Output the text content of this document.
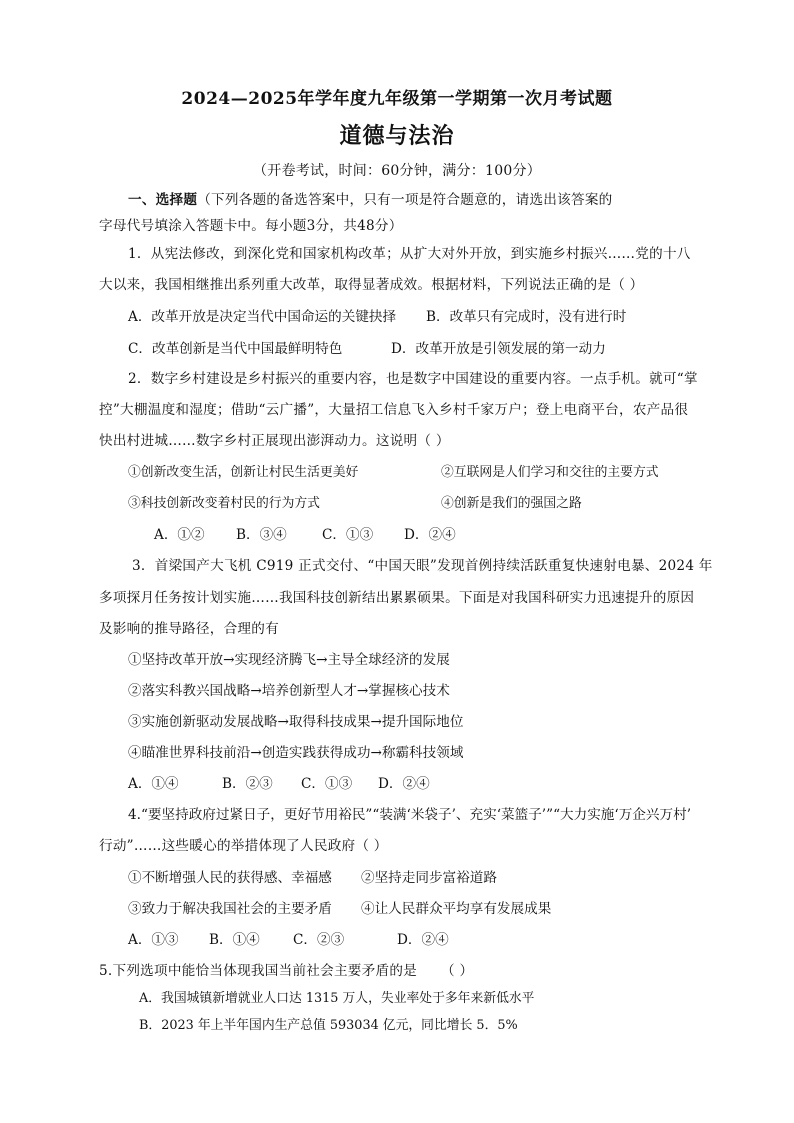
2024—2025年学年度九年级第一学期第一次月考试题
道德与法治
（开卷考试，时间：60分钟，满分：100分）
一、选择题（下列各题的备选答案中，只有一项是符合题意的，请选出该答案的
字母代号填涂入答题卡中。每小题3分，共48分）
1．从宪法修改，到深化党和国家机构改革；从扩大对外开放，到实施乡村振兴……党的十八
大以来，我国相继推出系列重大改革，取得显著成效。根据材料，下列说法正确的是（ ）
A．改革开放是决定当代中国命运的关键抉择 B．改革只有完成时，没有进行时
C．改革创新是当代中国最鲜明特色	D．改革开放是引领发展的第一动力
2．数字乡村建设是乡村振兴的重要内容，也是数字中国建设的重要内容。一点手机。就可“掌
控”大棚温度和湿度；借助“云广播”，大量招工信息飞入乡村千家万户；登上电商平台，农产品很
快出村进城……数字乡村正展现出澎湃动力。这说明（ ）
①创新改变生活，创新让村民生活更美好	②互联网是人们学习和交往的主要方式
③科技创新改变着村民的行为方式	④创新是我们的强国之路
A．①② B．③④	C．①③ D．②④
3．首梁国产大飞机 C919 正式交付、“中国天眼”发现首例持续活跃重复快速射电暴、2024 年
多项探月任务按计划实施……我国科技创新结出累累硕果。下面是对我国科研实力迅速提升的原因
及影响的推导路径，合理的有
①坚持改革开放→实现经济腾飞→主导全球经济的发展
②落实科教兴国战略→培养创新型人才→掌握核心技术
③实施创新驱动发展战略→取得科技成果→提升国际地位
④瞄准世界科技前沿→创造实践获得成功→称霸科技领域
A．①④	B．②③ C．①③ D．②④
4.“要坚持政府过紧日子，更好节用裕民”“装满‘米袋子’、充实‘菜篮子’”“大力实施‘万企兴万村’
行动”……这些暖心的举措体现了人民政府（ ）
①不断增强人民的获得感、幸福感 ②坚持走同步富裕道路
③致力于解决我国社会的主要矛盾 ④让人民群众平均享有发展成果
A．①③ B．①④ C．②③	D．②④
5.下列选项中能恰当体现我国当前社会主要矛盾的是 （ ）
A．我国城镇新增就业人口达 1315 万人，失业率处于多年来新低水平
B．2023 年上半年国内生产总值 593034 亿元，同比增长 5．5%
